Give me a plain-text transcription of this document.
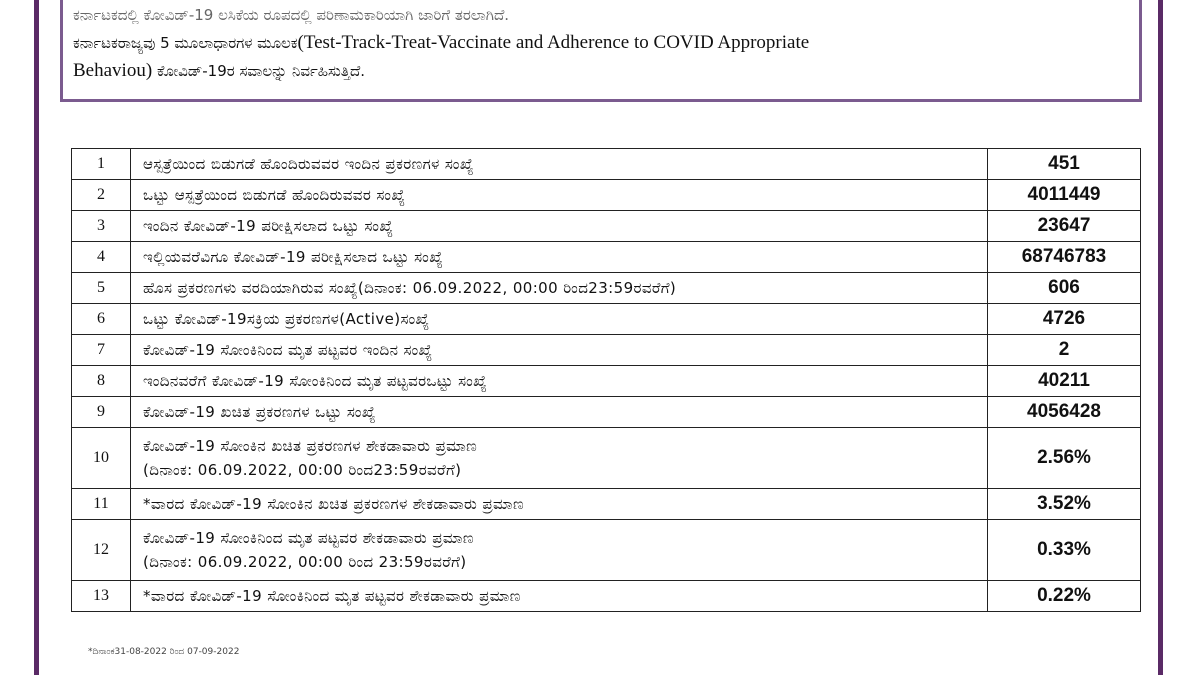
ಕರ್ನಾಟಕದಲ್ಲಿ ಕೋವಿಡ್-19 ಲಸಿಕೆಯ ರೂಪದಲ್ಲಿ ಪರಿಣಾಮಕಾರಿಯಾಗಿ ಜಾರಿಗೆ ತರಲಾಗಿದೆ.
ಕರ್ನಾಟಕರಾಜ್ಯವು 5 ಮೂಲಾಧಾರಗಳ ಮೂಲಕ(Test-Track-Treat-Vaccinate and Adherence to COVID Appropriate
Behaviou) ಕೋವಿಡ್-19ರ ಸವಾಲನ್ನು ನಿರ್ವಹಿಸುತ್ತಿದೆ.
1	ಆಸ್ಪತ್ರೆಯಿಂದ ಬಿಡುಗಡೆ ಹೊಂದಿರುವವರ ಇಂದಿನ ಪ್ರಕರಣಗಳ ಸಂಖ್ಯೆ	451
2	ಒಟ್ಟು ಆಸ್ಪತ್ರೆಯಿಂದ ಬಿಡುಗಡೆ ಹೊಂದಿರುವವರ ಸಂಖ್ಯೆ	4011449
3	ಇಂದಿನ ಕೋವಿಡ್-19 ಪರೀಕ್ಷಿಸಲಾದ ಒಟ್ಟು ಸಂಖ್ಯೆ	23647
4	ಇಲ್ಲಿಯವರೆವಿಗೂ ಕೋವಿಡ್-19 ಪರೀಕ್ಷಿಸಲಾದ ಒಟ್ಟು ಸಂಖ್ಯೆ	68746783
5	ಹೊಸ ಪ್ರಕರಣಗಳು ವರದಿಯಾಗಿರುವ ಸಂಖ್ಯೆ(ದಿನಾಂಕ: 06.09.2022, 00:00 ರಿಂದ23:59ರವರೆಗೆ)	606
6	ಒಟ್ಟು ಕೋವಿಡ್-19ಸಕ್ರಿಯ ಪ್ರಕರಣಗಳ(Active)ಸಂಖ್ಯೆ	4726
7	ಕೋವಿಡ್-19 ಸೋಂಕಿನಿಂದ ಮೃತ ಪಟ್ಟವರ ಇಂದಿನ ಸಂಖ್ಯೆ	2
8	ಇಂದಿನವರೆಗೆ ಕೋವಿಡ್-19 ಸೋಂಕಿನಿಂದ ಮೃತ ಪಟ್ಟವರಒಟ್ಟು ಸಂಖ್ಯೆ	40211
9	ಕೋವಿಡ್-19 ಖಚಿತ ಪ್ರಕರಣಗಳ ಒಟ್ಟು ಸಂಖ್ಯೆ	4056428
10	ಕೋವಿಡ್-19 ಸೋಂಕಿನ ಖಚಿತ ಪ್ರಕರಣಗಳ ಶೇಕಡಾವಾರು ಪ್ರಮಾಣ
(ದಿನಾಂಕ: 06.09.2022, 00:00 ರಿಂದ23:59ರವರೆಗೆ)	2.56%
11	*ವಾರದ ಕೋವಿಡ್-19 ಸೋಂಕಿನ ಖಚಿತ ಪ್ರಕರಣಗಳ ಶೇಕಡಾವಾರು ಪ್ರಮಾಣ	3.52%
12	ಕೋವಿಡ್-19 ಸೋಂಕಿನಿಂದ ಮೃತ ಪಟ್ಟವರ ಶೇಕಡಾವಾರು ಪ್ರಮಾಣ
(ದಿನಾಂಕ: 06.09.2022, 00:00 ರಿಂದ 23:59ರವರೆಗೆ)	0.33%
13	*ವಾರದ ಕೋವಿಡ್-19 ಸೋಂಕಿನಿಂದ ಮೃತ ಪಟ್ಟವರ ಶೇಕಡಾವಾರು ಪ್ರಮಾಣ	0.22%
*ದಿನಾಂಕ31-08-2022 ರಿಂದ 07-09-2022
